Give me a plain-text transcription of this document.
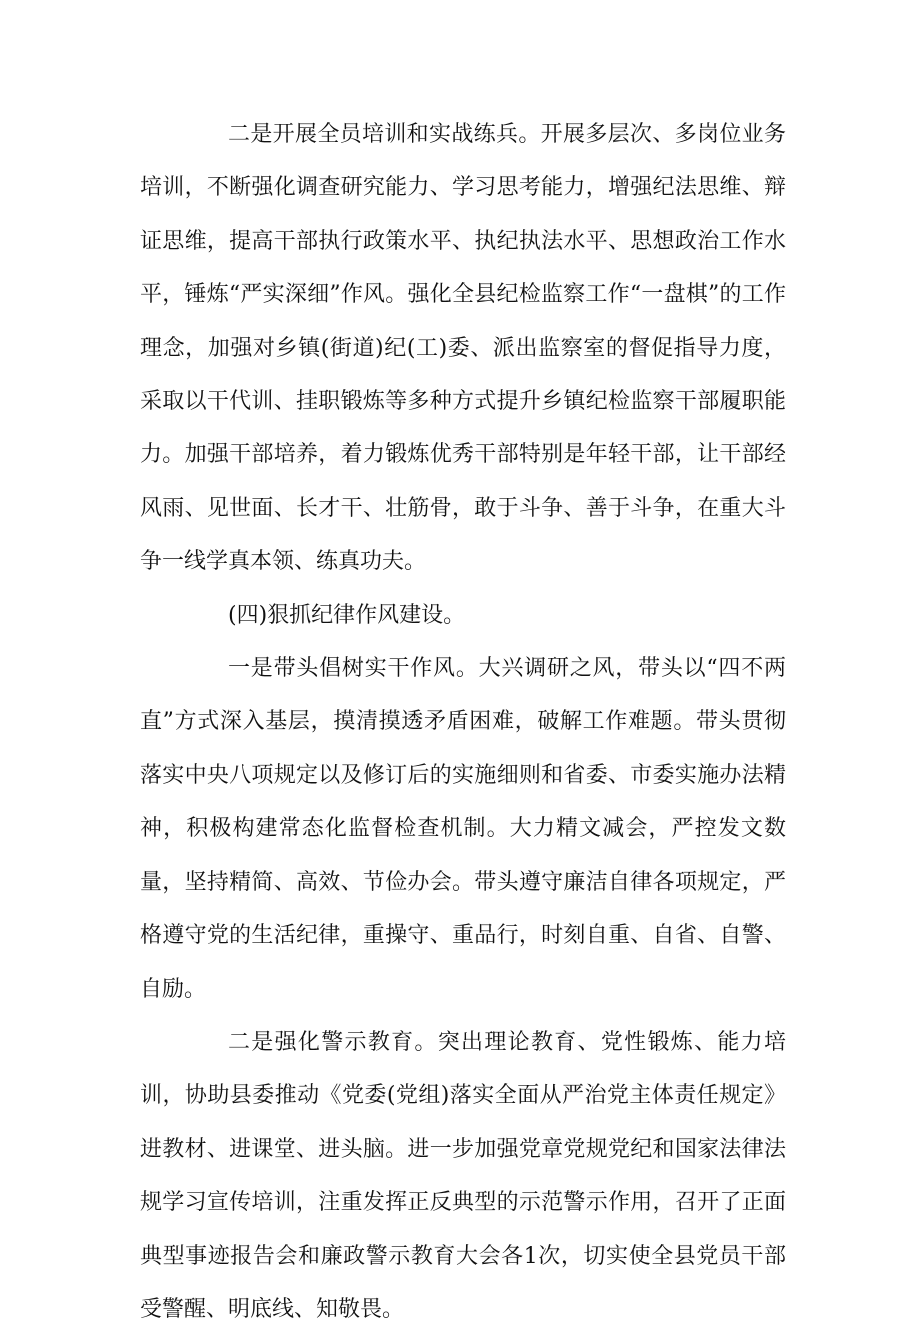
二是开展全员培训和实战练兵。开展多层次、多岗位业务培训，不断强化调查研究能力、学习思考能力，增强纪法思维、辩证思维，提高干部执行政策水平、执纪执法水平、思想政治工作水平，锤炼“严实深细”作风。强化全县纪检监察工作“一盘棋”的工作理念，加强对乡镇(街道)纪(工)委、派出监察室的督促指导力度，采取以干代训、挂职锻炼等多种方式提升乡镇纪检监察干部履职能力。加强干部培养，着力锻炼优秀干部特别是年轻干部，让干部经风雨、见世面、长才干、壮筋骨，敢于斗争、善于斗争，在重大斗争一线学真本领、练真功夫。

(四)狠抓纪律作风建设。

一是带头倡树实干作风。大兴调研之风，带头以“四不两直”方式深入基层，摸清摸透矛盾困难，破解工作难题。带头贯彻落实中央八项规定以及修订后的实施细则和省委、市委实施办法精神，积极构建常态化监督检查机制。大力精文减会，严控发文数量，坚持精简、高效、节俭办会。带头遵守廉洁自律各项规定，严格遵守党的生活纪律，重操守、重品行，时刻自重、自省、自警、自励。

二是强化警示教育。突出理论教育、党性锻炼、能力培训，协助县委推动《党委(党组)落实全面从严治党主体责任规定》进教材、进课堂、进头脑。进一步加强党章党规党纪和国家法律法规学习宣传培训，注重发挥正反典型的示范警示作用，召开了正面典型事迹报告会和廉政警示教育大会各1次，切实使全县党员干部受警醒、明底线、知敬畏。
